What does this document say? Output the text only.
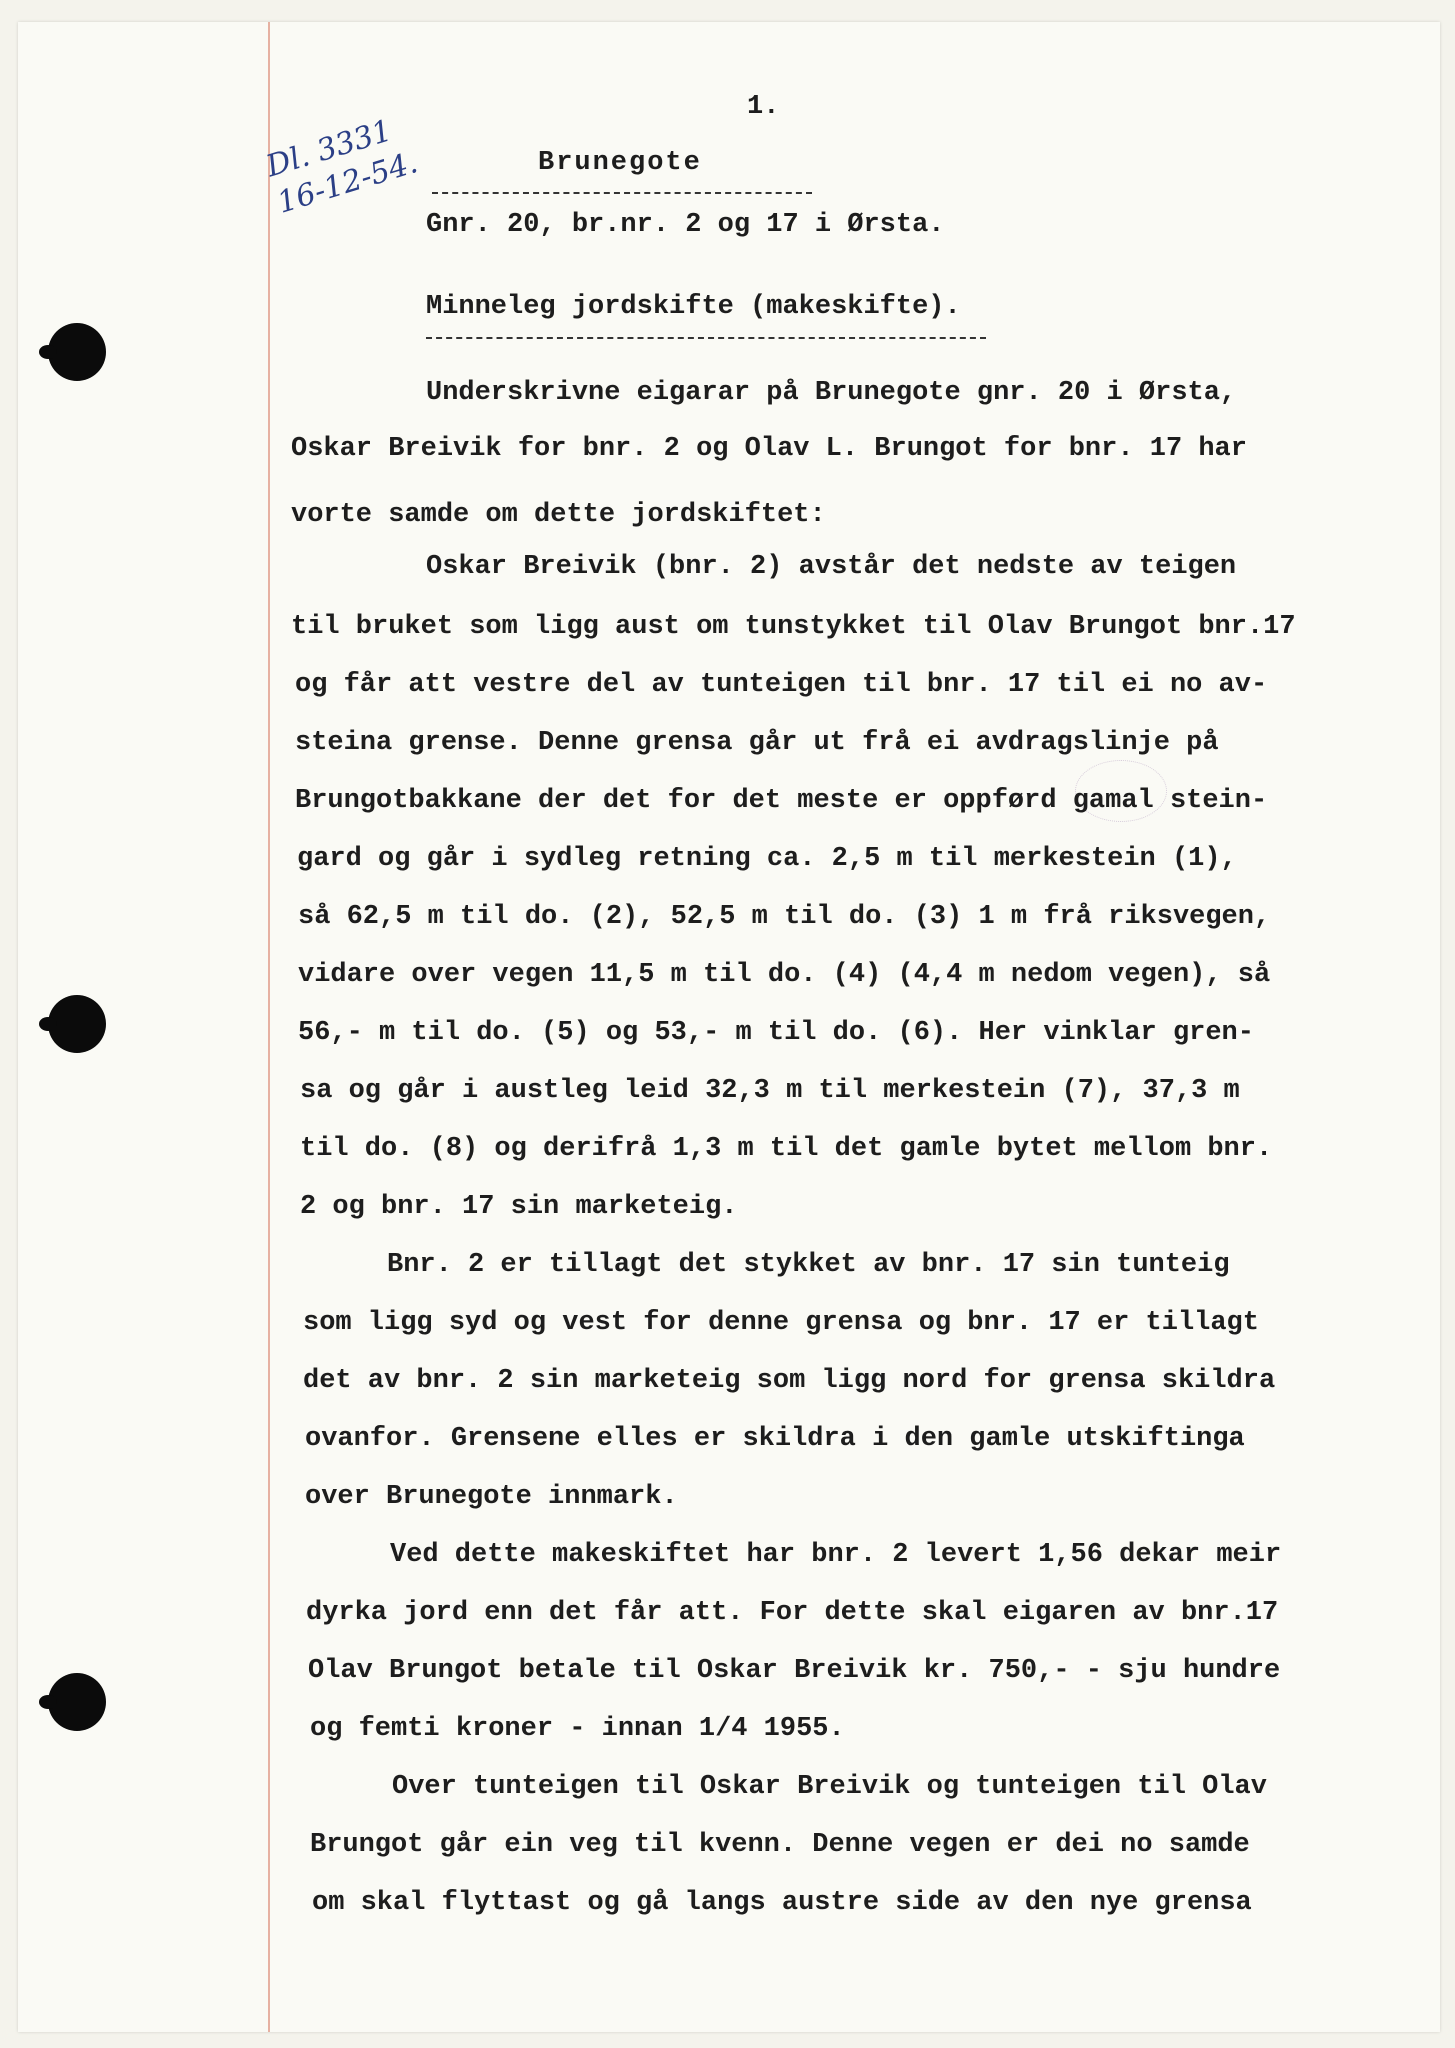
Dl. 3331
16-12-54.
1.
Brunegote
Gnr. 20, br.nr. 2 og 17 i Ørsta.
Minneleg jordskifte (makeskifte).
Underskrivne eigarar på Brunegote gnr. 20 i Ørsta,
Oskar Breivik for bnr. 2 og Olav L. Brungot for bnr. 17 har
vorte samde om dette jordskiftet:
Oskar Breivik (bnr. 2) avstår det nedste av teigen
til bruket som ligg aust om tunstykket til Olav Brungot bnr.17
og får att vestre del av tunteigen til bnr. 17 til ei no av-
steina grense. Denne grensa går ut frå ei avdragslinje på
Brungotbakkane der det for det meste er oppførd gamal stein-
gard og går i sydleg retning ca. 2,5 m til merkestein (1),
så 62,5 m til do. (2), 52,5 m til do. (3) 1 m frå riksvegen,
vidare over vegen 11,5 m til do. (4) (4,4 m nedom vegen), så
56,- m til do. (5) og 53,- m til do. (6). Her vinklar gren-
sa og går i austleg leid 32,3 m til merkestein (7), 37,3 m
til do. (8) og derifrå 1,3 m til det gamle bytet mellom bnr.
2 og bnr. 17 sin marketeig.
Bnr. 2 er tillagt det stykket av bnr. 17 sin tunteig
som ligg syd og vest for denne grensa og bnr. 17 er tillagt
det av bnr. 2 sin marketeig som ligg nord for grensa skildra
ovanfor. Grensene elles er skildra i den gamle utskiftinga
over Brunegote innmark.
Ved dette makeskiftet har bnr. 2 levert 1,56 dekar meir
dyrka jord enn det får att. For dette skal eigaren av bnr.17
Olav Brungot betale til Oskar Breivik kr. 750,- - sju hundre
og femti kroner - innan 1/4 1955.
Over tunteigen til Oskar Breivik og tunteigen til Olav
Brungot går ein veg til kvenn. Denne vegen er dei no samde
om skal flyttast og gå langs austre side av den nye grensa
